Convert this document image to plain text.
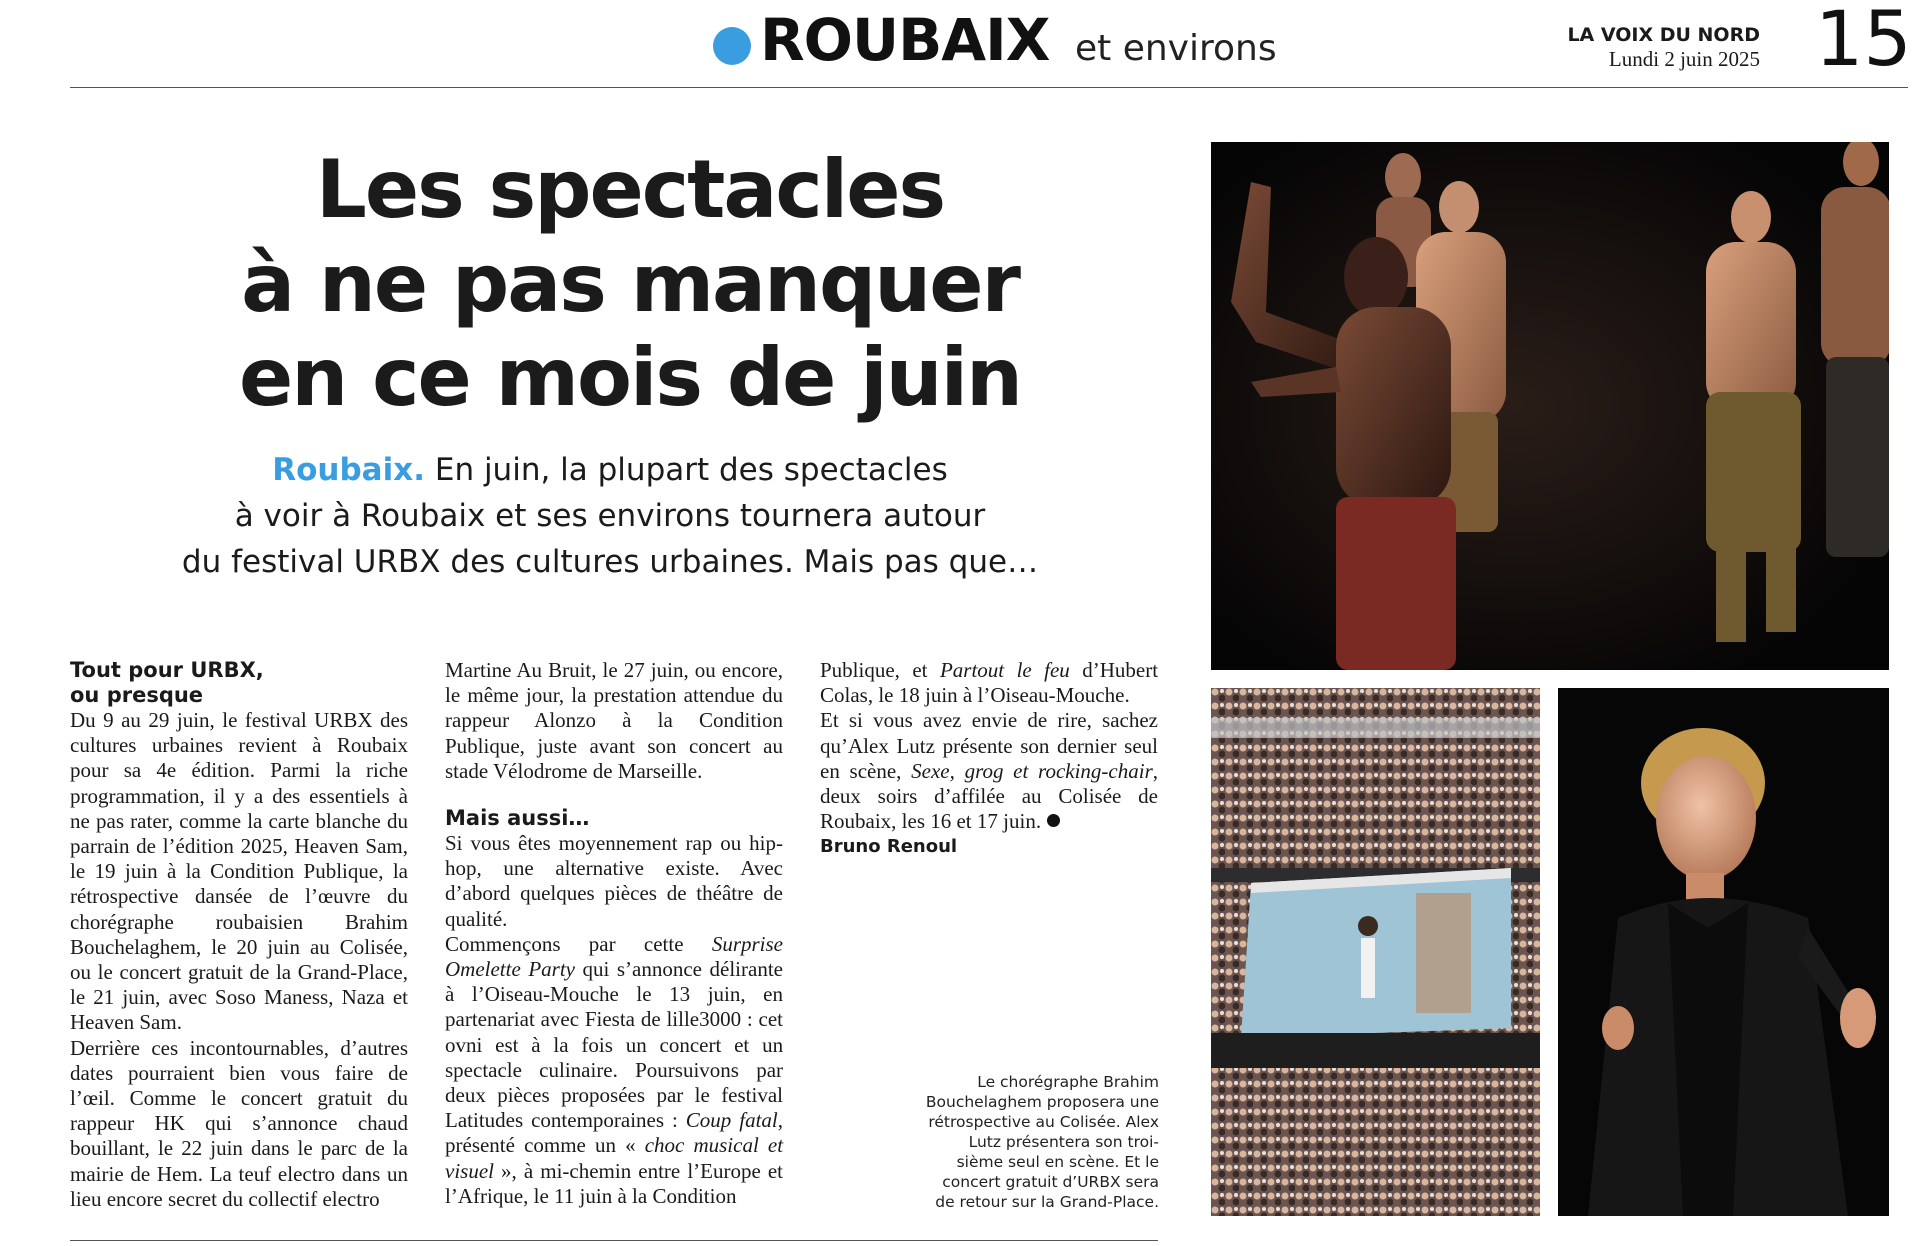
ROUBAIX et environs	LA VOIX DU NORD
Lundi 2 juin 2025 15
Les spectacles
à ne pas manquer
en ce mois de juin
Roubaix. En juin, la plupart des spectacles
à voir à Roubaix et ses environs tournera autour
du festival URBX des cultures urbaines. Mais pas que…

Tout pour URBX,
ou presque

Du 9 au 29 juin, le festival URBX des cultures urbaines revient à Roubaix pour sa 4e édition. Parmi la riche programmation, il y a des essentiels à ne pas rater, comme la carte blanche du parrain de l’édition 2025, Heaven Sam, le 19 juin à la Condition Publique, la rétrospective dansée de l’œuvre du chorégraphe roubaisien Brahim Bouchelaghem, le 20 juin au Colisée, ou le concert gratuit de la Grand-Place, le 21 juin, avec Soso Maness, Naza et Heaven Sam.

Derrière ces incontournables, d’autres dates pourraient bien vous faire de l’œil. Comme le concert gratuit du rappeur HK qui s’annonce chaud bouillant, le 22 juin dans le parc de la mairie de Hem. La teuf electro dans un lieu encore secret du collectif electro

Martine Au Bruit, le 27 juin, ou encore, le même jour, la prestation attendue du rappeur Alonzo à la Condition Publique, juste avant son concert au stade Vélodrome de Marseille.

Mais aussi…

Si vous êtes moyennement rap ou hip-hop, une alternative existe. Avec d’abord quelques pièces de théâtre de qualité.

Commençons par cette Surprise Omelette Party qui s’annonce délirante à l’Oiseau-Mouche le 13 juin, en partenariat avec Fiesta de lille3000 : cet ovni est à la fois un concert et un spectacle culinaire. Poursuivons par deux pièces proposées par le festival Latitudes contemporaines : Coup fatal, présenté comme un « choc musical et visuel », à mi-chemin entre l’Europe et l’Afrique, le 11 juin à la Condition

Publique, et Partout le feu d’Hubert Colas, le 18 juin à l’Oiseau-Mouche.

Et si vous avez envie de rire, sachez qu’Alex Lutz présente son dernier seul en scène, Sexe, grog et rocking-chair, deux soirs d’affilée au Colisée de Roubaix, les 16 et 17 juin.

Bruno Renoul

Le chorégraphe Brahim
Bouchelaghem proposera une
rétrospective au Colisée. Alex
Lutz présentera son troi-
sième seul en scène. Et le
concert gratuit d’URBX sera
de retour sur la Grand-Place.
